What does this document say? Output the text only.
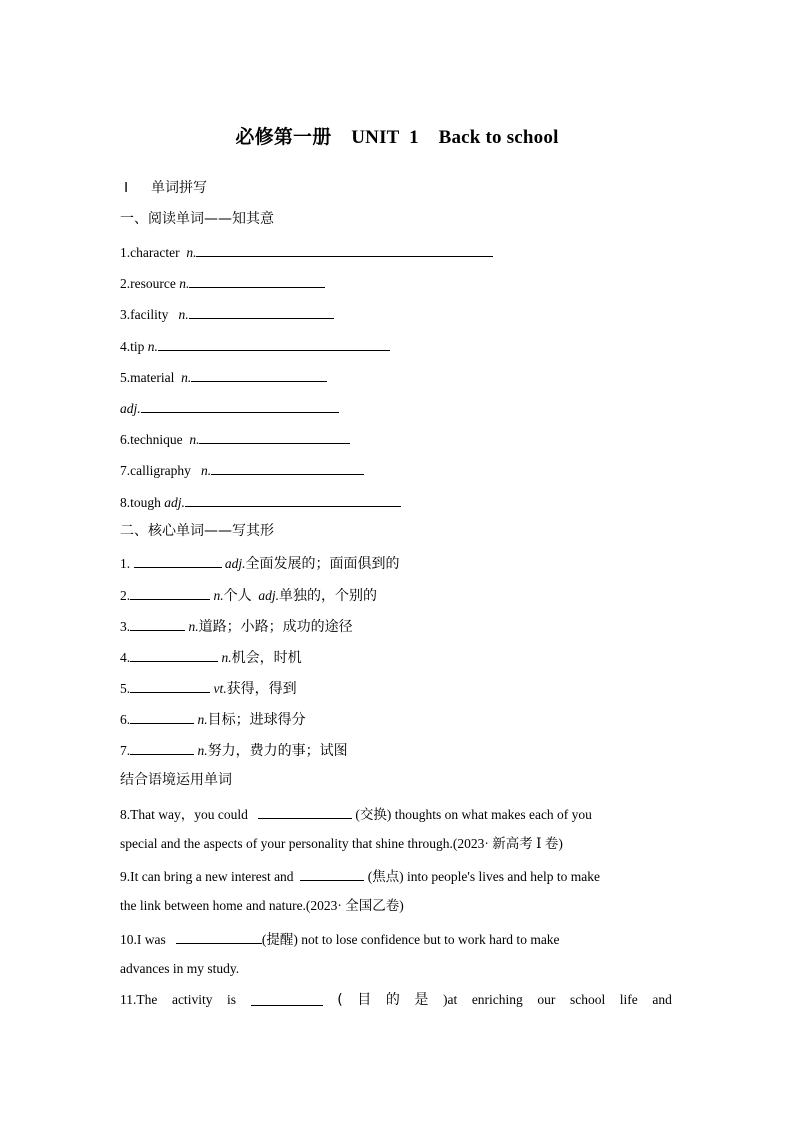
必修第一册    UNIT  1    Back to school
Ⅰ 单词拼写
一、阅读单词——知其意
1.character n.
2.resource n.
3.facility n.
4.tip n.
5.material n.
adj.
6.technique n.
7.calligraphy n.
8.tough adj.
二、核心单词——写其形
1.	adj.全面发展的；面面俱到的
2.	n.个人 adj.单独的，个别的
3.	n.道路；小路；成功的途径
4.	n.机会，时机
5.	vt.获得，得到
6.	n.目标；进球得分
7.	n.努力，费力的事；试图
结合语境运用单词
8.That way，you could	(交换) thoughts on what makes each of you
special and the aspects of your personality that shine through.(2023· 新高考 Ⅰ 卷)
9.It can bring a new interest and	(焦点) into people's lives and help to make
the link between home and nature.(2023· 全国乙卷)
10.I was	(提醒) not to lose confidence but to work hard to make
advances in my study.
11.The activity is	( 目 的 是 )at enriching our school life and
